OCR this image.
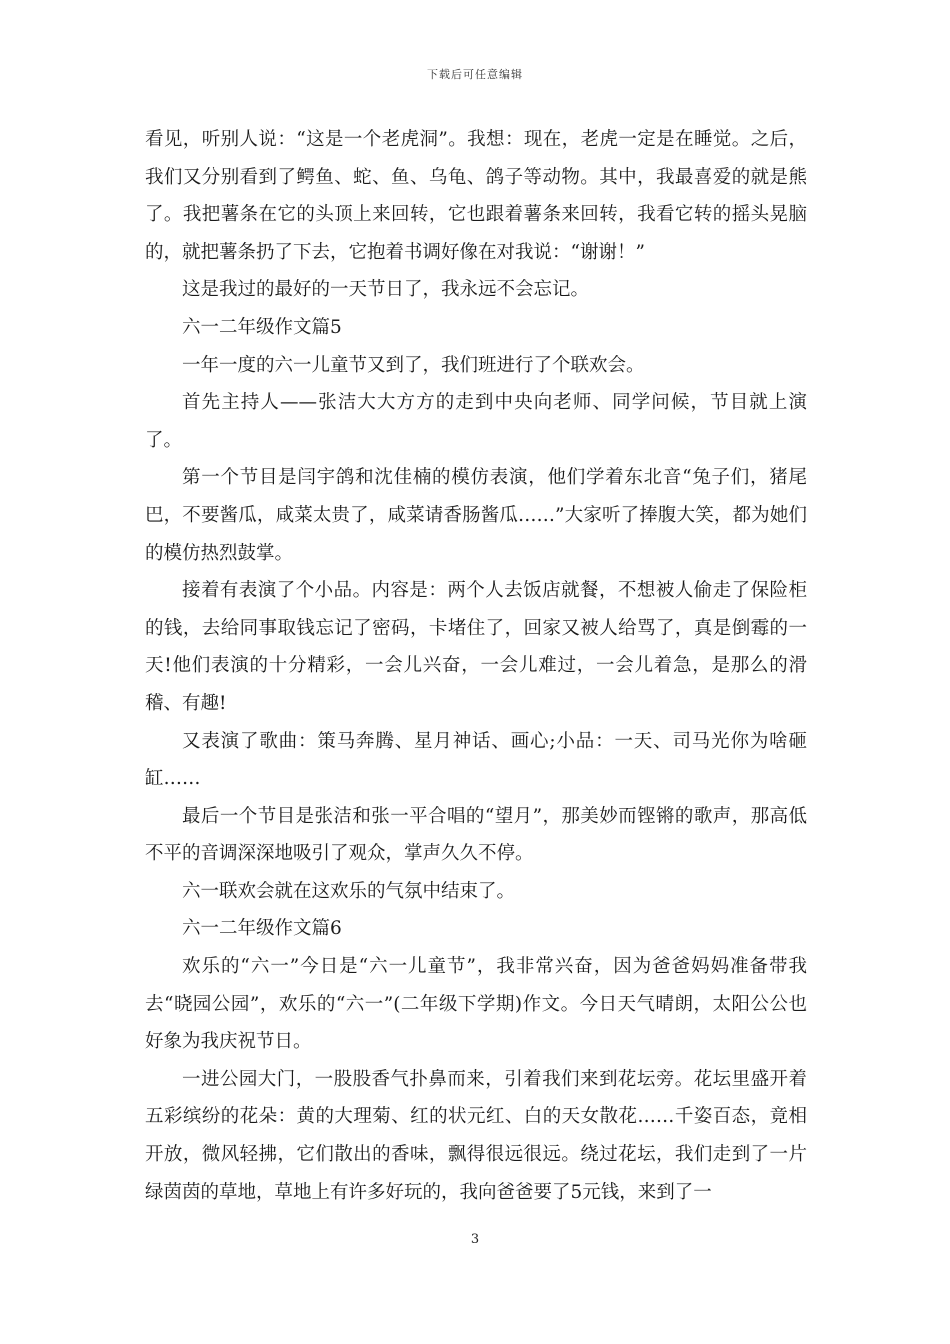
下载后可任意编辑

看见，听别人说：“这是一个老虎洞”。我想：现在，老虎一定是在睡觉。之后，我们又分别看到了鳄鱼、蛇、鱼、乌龟、鸽子等动物。其中，我最喜爱的就是熊了。我把薯条在它的头顶上来回转，它也跟着薯条来回转，我看它转的摇头晃脑的，就把薯条扔了下去，它抱着书调好像在对我说：“谢谢！”

这是我过的最好的一天节日了，我永远不会忘记。

六一二年级作文篇5

一年一度的六一儿童节又到了，我们班进行了个联欢会。

首先主持人——张洁大大方方的走到中央向老师、同学问候，节目就上演了。

第一个节目是闫宇鸽和沈佳楠的模仿表演，他们学着东北音“兔子们，猪尾巴，不要酱瓜，咸菜太贵了，咸菜请香肠酱瓜……”大家听了捧腹大笑，都为她们的模仿热烈鼓掌。

接着有表演了个小品。内容是：两个人去饭店就餐，不想被人偷走了保险柜的钱，去给同事取钱忘记了密码，卡堵住了，回家又被人给骂了，真是倒霉的一天!他们表演的十分精彩，一会儿兴奋，一会儿难过，一会儿着急，是那么的滑稽、有趣!

又表演了歌曲：策马奔腾、星月神话、画心;小品：一天、司马光你为啥砸缸……

最后一个节目是张洁和张一平合唱的“望月”，那美妙而铿锵的歌声，那高低不平的音调深深地吸引了观众，掌声久久不停。

六一联欢会就在这欢乐的气氛中结束了。

六一二年级作文篇6

欢乐的“六一”今日是“六一儿童节”，我非常兴奋，因为爸爸妈妈准备带我去“晓园公园”，欢乐的“六一”(二年级下学期)作文。今日天气晴朗，太阳公公也好象为我庆祝节日。

一进公园大门，一股股香气扑鼻而来，引着我们来到花坛旁。花坛里盛开着五彩缤纷的花朵：黄的大理菊、红的状元红、白的天女散花……千姿百态，竟相开放，微风轻拂，它们散出的香味，飘得很远很远。绕过花坛，我们走到了一片绿茵茵的草地，草地上有许多好玩的，我向爸爸要了5元钱，来到了一

3
